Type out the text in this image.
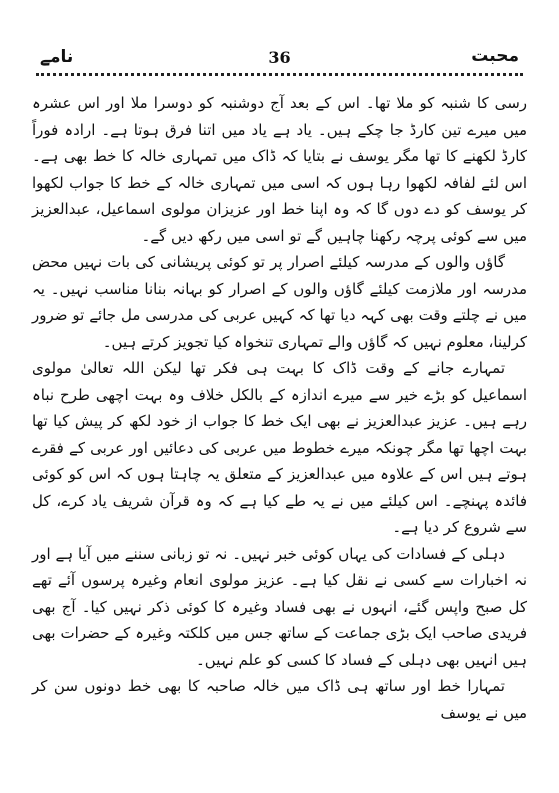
محبت
36
نامے

رسی کا شنبہ کو ملا تھا۔ اس کے بعد آج دوشنبہ کو دوسرا ملا اور اس عشرہ میں میرے تین کارڈ جا چکے ہیں۔ یاد ہے یاد میں اتنا فرق ہوتا ہے۔ ارادہ فوراً کارڈ لکھنے کا تھا مگر یوسف نے بتایا کہ ڈاک میں تمہاری خالہ کا خط بھی ہے۔ اس لئے لفافہ لکھوا رہا ہوں کہ اسی میں تمہاری خالہ کے خط کا جواب لکھوا کر یوسف کو دے دوں گا کہ وہ اپنا خط اور عزیزان مولوی اسماعیل، عبدالعزیز میں سے کوئی پرچہ رکھنا چاہیں گے تو اسی میں رکھ دیں گے۔

گاؤں والوں کے مدرسہ کیلئے اصرار پر تو کوئی پریشانی کی بات نہیں محض مدرسہ اور ملازمت کیلئے گاؤں والوں کے اصرار کو بہانہ بنانا مناسب نہیں۔ یہ میں نے چلتے وقت بھی کہہ دیا تھا کہ کہیں عربی کی مدرسی مل جائے تو ضرور کرلینا، معلوم نہیں کہ گاؤں والے تمہاری تنخواہ کیا تجویز کرتے ہیں۔

تمہارے جانے کے وقت ڈاک کا بہت ہی فکر تھا لیکن اللہ تعالیٰ مولوی اسماعیل کو بڑے خیر سے میرے اندازہ کے بالکل خلاف وہ بہت اچھی طرح نباہ رہے ہیں۔ عزیز عبدالعزیز نے بھی ایک خط کا جواب از خود لکھ کر پیش کیا تھا بہت اچھا تھا مگر چونکہ میرے خطوط میں عربی کی دعائیں اور عربی کے فقرے ہوتے ہیں اس کے علاوہ میں عبدالعزیز کے متعلق یہ چاہتا ہوں کہ اس کو کوئی فائدہ پہنچے۔ اس کیلئے میں نے یہ طے کیا ہے کہ وہ قرآن شریف یاد کرے، کل سے شروع کر دیا ہے۔

دہلی کے فسادات کی یہاں کوئی خبر نہیں۔ نہ تو زبانی سننے میں آیا ہے اور نہ اخبارات سے کسی نے نقل کیا ہے۔ عزیز مولوی انعام وغیرہ پرسوں آئے تھے کل صبح واپس گئے، انہوں نے بھی فساد وغیرہ کا کوئی ذکر نہیں کیا۔ آج بھی فریدی صاحب ایک بڑی جماعت کے ساتھ جس میں کلکتہ وغیرہ کے حضرات بھی ہیں انہیں بھی دہلی کے فساد کا کسی کو علم نہیں۔

تمہارا خط اور ساتھ ہی ڈاک میں خالہ صاحبہ کا بھی خط دونوں سن کر میں نے یوسف
